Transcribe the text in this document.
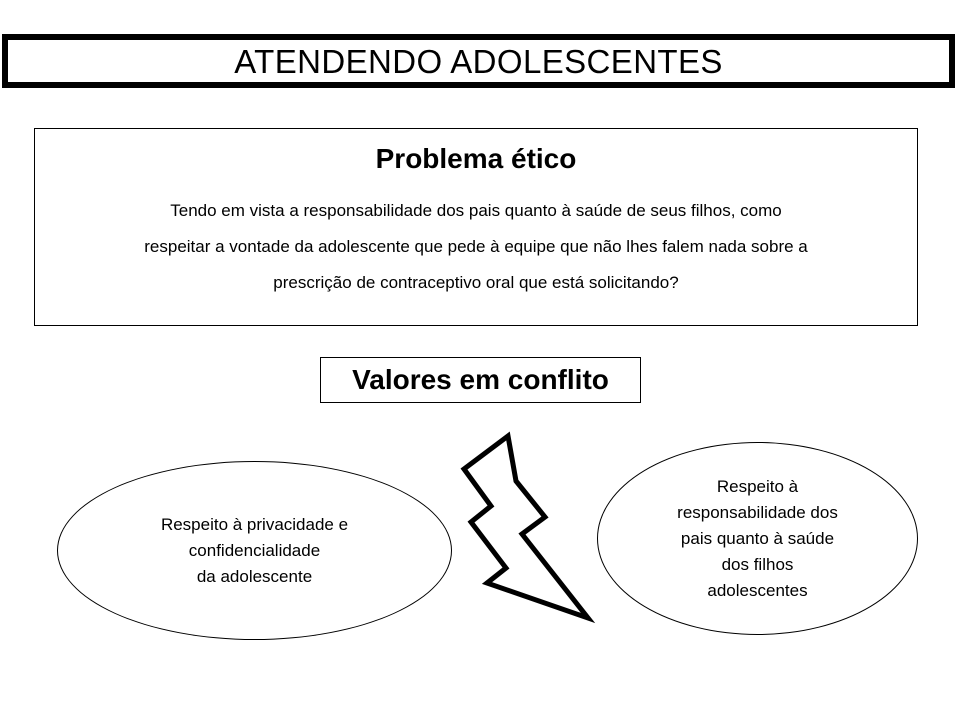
ATENDENDO ADOLESCENTES
Problema ético
Tendo em vista a responsabilidade dos pais quanto à saúde de seus filhos, como
respeitar a vontade da adolescente que pede à equipe que não lhes falem nada sobre a
prescrição de contraceptivo oral que está solicitando?
Valores em conflito
Respeito à privacidade e
confidencialidade
da adolescente
Respeito à
responsabilidade dos
pais quanto à saúde
dos filhos
adolescentes
